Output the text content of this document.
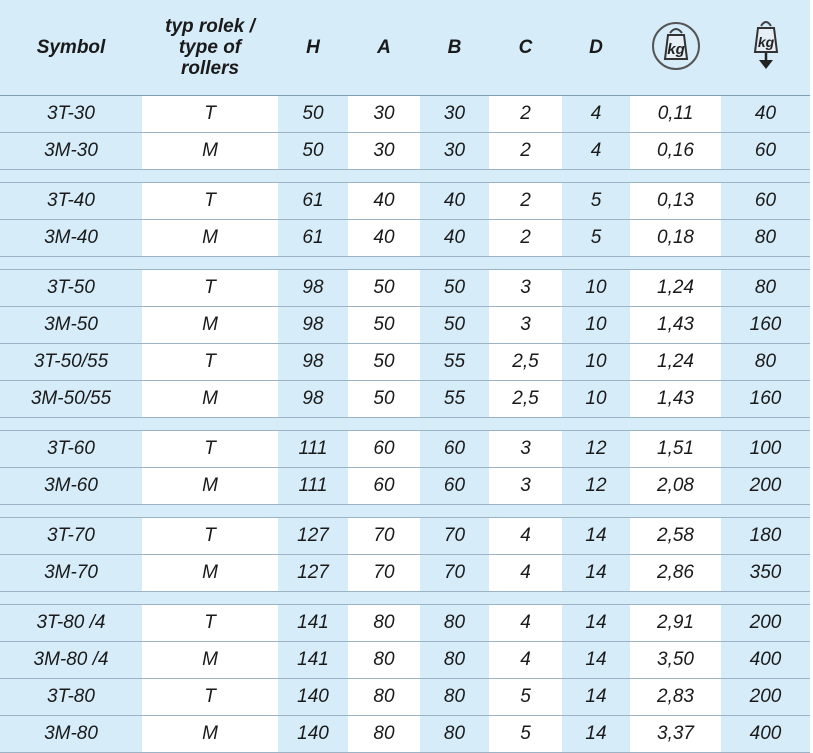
Symbol	typ rolek /
type of
rollers	H	A	B	C	D	kg	kg

3T-30	T	50	30	30	2	4	0,11	40
3M-30	M	50	30	30	2	4	0,16	60

3T-40	T	61	40	40	2	5	0,13	60
3M-40	M	61	40	40	2	5	0,18	80

3T-50	T	98	50	50	3	10	1,24	80
3M-50	M	98	50	50	3	10	1,43	160
3T-50/55	T	98	50	55	2,5	10	1,24	80
3M-50/55	M	98	50	55	2,5	10	1,43	160

3T-60	T	111	60	60	3	12	1,51	100
3M-60	M	111	60	60	3	12	2,08	200

3T-70	T	127	70	70	4	14	2,58	180
3M-70	M	127	70	70	4	14	2,86	350

3T-80 /4	T	141	80	80	4	14	2,91	200
3M-80 /4	M	141	80	80	4	14	3,50	400
3T-80	T	140	80	80	5	14	2,83	200
3M-80	M	140	80	80	5	14	3,37	400
